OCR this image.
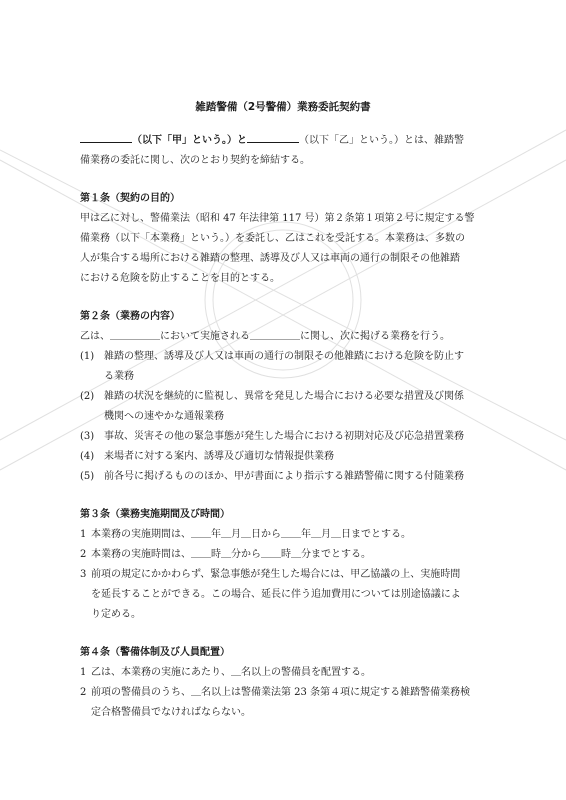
雑踏警備（2号警備）業務委託契約書

（以下「甲」という。）と	（以下「乙」という。）とは、雑踏警

備業務の委託に関し、次のとおり契約を締結する。

第１条（契約の目的）

甲は乙に対し、警備業法（昭和 47 年法律第 117 号）第２条第１項第２号に規定する警

備業務（以下「本業務」という。）を委託し、乙はこれを受託する。本業務は、多数の

人が集合する場所における雑踏の整理、誘導及び人又は車両の通行の制限その他雑踏

における危険を防止することを目的とする。

第２条（業務の内容）

乙は、＿＿＿＿＿において実施される＿＿＿＿＿に関し、次に掲げる業務を行う。

(1) 雑踏の整理、誘導及び人又は車両の通行の制限その他雑踏における危険を防止す
る業務
(2) 雑踏の状況を継続的に監視し、異常を発見した場合における必要な措置及び関係
機関への速やかな通報業務
(3) 事故、災害その他の緊急事態が発生した場合における初期対応及び応急措置業務
(4) 来場者に対する案内、誘導及び適切な情報提供業務
(5) 前各号に掲げるもののほか、甲が書面により指示する雑踏警備に関する付随業務

第３条（業務実施期間及び時間）

1 本業務の実施期間は、＿＿年＿月＿日から＿＿年＿月＿日までとする。
2 本業務の実施時間は、＿＿時＿分から＿＿時＿分までとする。
3 前項の規定にかかわらず、緊急事態が発生した場合には、甲乙協議の上、実施時間
を延長することができる。この場合、延長に伴う追加費用については別途協議によ
り定める。

第４条（警備体制及び人員配置）

1 乙は、本業務の実施にあたり、＿名以上の警備員を配置する。
2 前項の警備員のうち、＿名以上は警備業法第 23 条第４項に規定する雑踏警備業務検
定合格警備員でなければならない。
